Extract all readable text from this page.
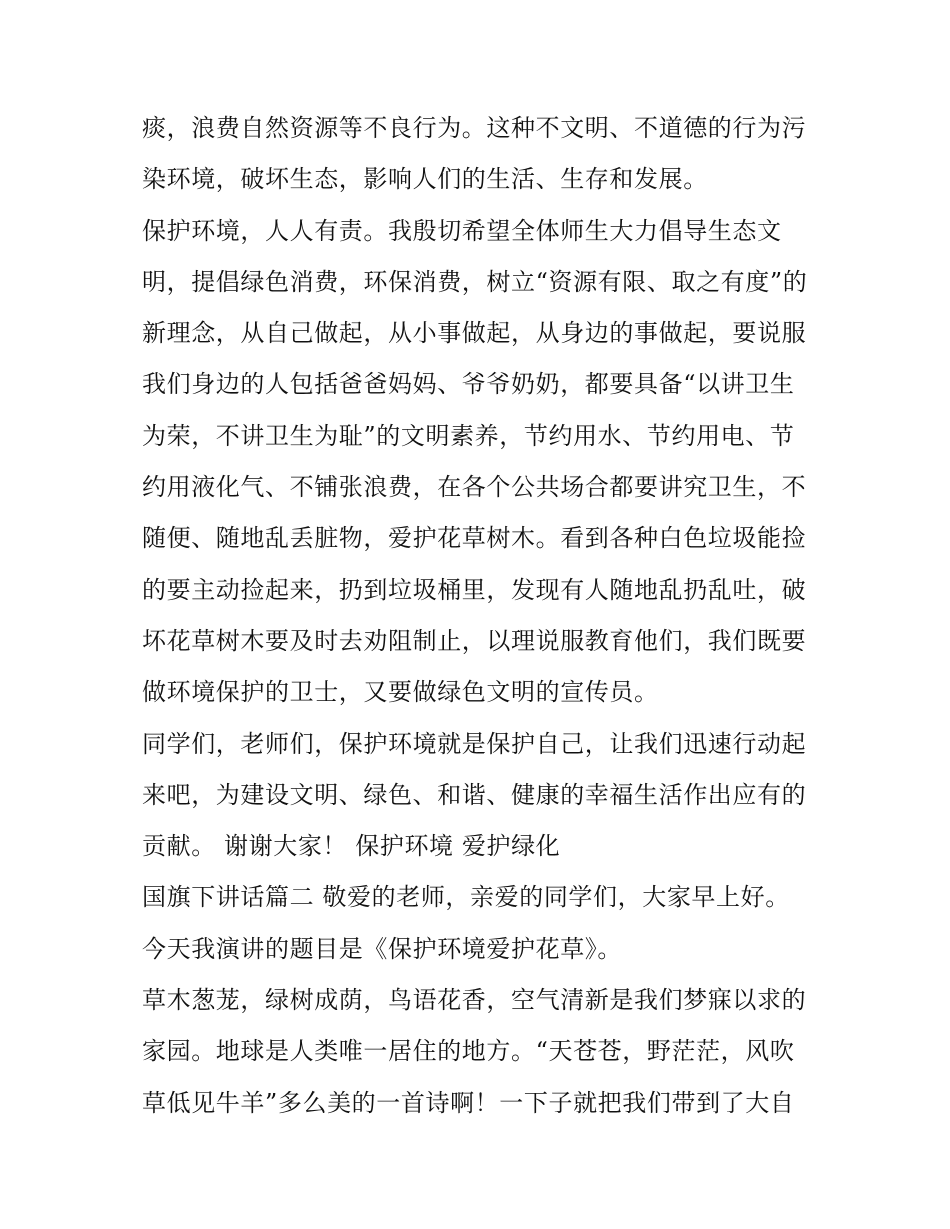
痰，浪费自然资源等不良行为。这种不文明、不道德的行为污
染环境，破坏生态，影响人们的生活、生存和发展。
保护环境，人人有责。我殷切希望全体师生大力倡导生态文
明，提倡绿色消费，环保消费，树立“资源有限、取之有度”的
新理念，从自己做起，从小事做起，从身边的事做起，要说服
我们身边的人包括爸爸妈妈、爷爷奶奶，都要具备“以讲卫生
为荣，不讲卫生为耻”的文明素养，节约用水、节约用电、节
约用液化气、不铺张浪费，在各个公共场合都要讲究卫生，不
随便、随地乱丢脏物，爱护花草树木。看到各种白色垃圾能捡
的要主动捡起来，扔到垃圾桶里，发现有人随地乱扔乱吐，破
坏花草树木要及时去劝阻制止，以理说服教育他们，我们既要
做环境保护的卫士，又要做绿色文明的宣传员。
同学们，老师们，保护环境就是保护自己，让我们迅速行动起
来吧，为建设文明、绿色、和谐、健康的幸福生活作出应有的
贡献。 谢谢大家！ 保护环境 爱护绿化
国旗下讲话篇二 敬爱的老师，亲爱的同学们，大家早上好。
今天我演讲的题目是《保护环境爱护花草》。
草木葱茏，绿树成荫，鸟语花香，空气清新是我们梦寐以求的
家园。地球是人类唯一居住的地方。“天苍苍，野茫茫，风吹
草低见牛羊”多么美的一首诗啊！一下子就把我们带到了大自
